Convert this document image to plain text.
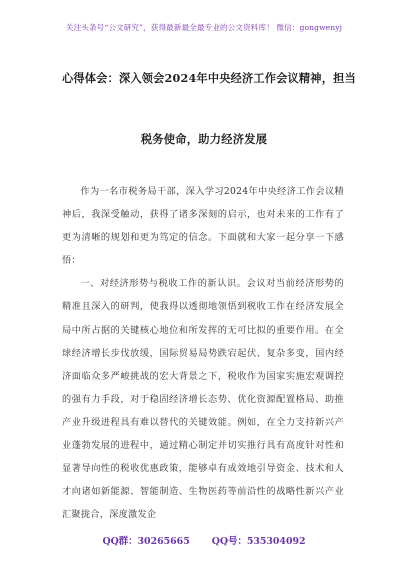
关注头条号“公文研究”，获得最新最全最专业的公文资料库！ 微信：gongwenyj
心得体会：深入领会2024年中央经济工作会议精神，担当
税务使命，助力经济发展

作为一名市税务局干部，深入学习2024年中央经济工作会议精神后，我深受触动，获得了诸多深刻的启示，也对未来的工作有了更为清晰的规划和更为笃定的信念。下面就和大家一起分享一下感悟：

一、对经济形势与税收工作的新认识。会议对当前经济形势的精准且深入的研判，使我得以透彻地领悟到税收工作在经济发展全局中所占据的关键核心地位和所发挥的无可比拟的重要作用。在全球经济增长步伐放缓，国际贸易局势跌宕起伏、复杂多变，国内经济面临众多严峻挑战的宏大背景之下，税收作为国家实施宏观调控的强有力手段，对于稳固经济增长态势、优化资源配置格局、助推产业升级进程具有难以替代的关键效能。例如，在全力支持新兴产业蓬勃发展的进程中，通过精心制定并切实推行具有高度针对性和显著导向性的税收优惠政策，能够卓有成效地引导资金、技术和人才向诸如新能源、智能制造、生物医药等前沿性的战略性新兴产业汇聚拢合，深度激发企

QQ群：30265665 QQ号：535304092
